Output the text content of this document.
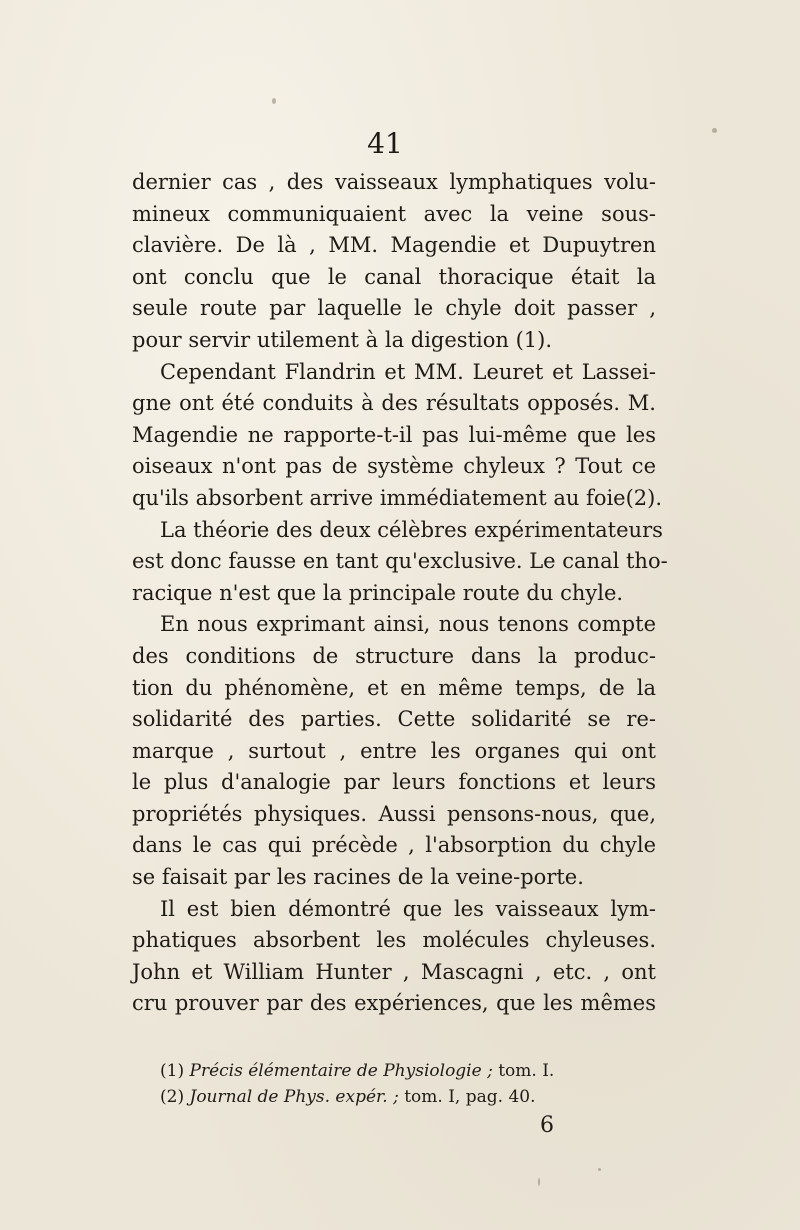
41
dernier cas , des vaisseaux lymphatiques volu-
mineux communiquaient avec la veine sous-
clavière. De là , MM. Magendie et Dupuytren
ont conclu que le canal thoracique était la
seule route par laquelle le chyle doit passer ,
pour servir utilement à la digestion (1).
Cependant Flandrin et MM. Leuret et Lassei-
gne ont été conduits à des résultats opposés. M.
Magendie ne rapporte-t-il pas lui-même que les
oiseaux n'ont pas de système chyleux ? Tout ce
qu'ils absorbent arrive immédiatement au foie(2).
La théorie des deux célèbres expérimentateurs
est donc fausse en tant qu'exclusive. Le canal tho-
racique n'est que la principale route du chyle.
En nous exprimant ainsi, nous tenons compte
des conditions de structure dans la produc-
tion du phénomène, et en même temps, de la
solidarité des parties. Cette solidarité se re-
marque , surtout , entre les organes qui ont
le plus d'analogie par leurs fonctions et leurs
propriétés physiques. Aussi pensons-nous, que,
dans le cas qui précède , l'absorption du chyle
se faisait par les racines de la veine-porte.
Il est bien démontré que les vaisseaux lym-
phatiques absorbent les molécules chyleuses.
John et William Hunter , Mascagni , etc. , ont
cru prouver par des expériences, que les mêmes
(1) Précis élémentaire de Physiologie ; tom. I.
(2) Journal de Phys. expér. ; tom. I, pag. 40.
6
